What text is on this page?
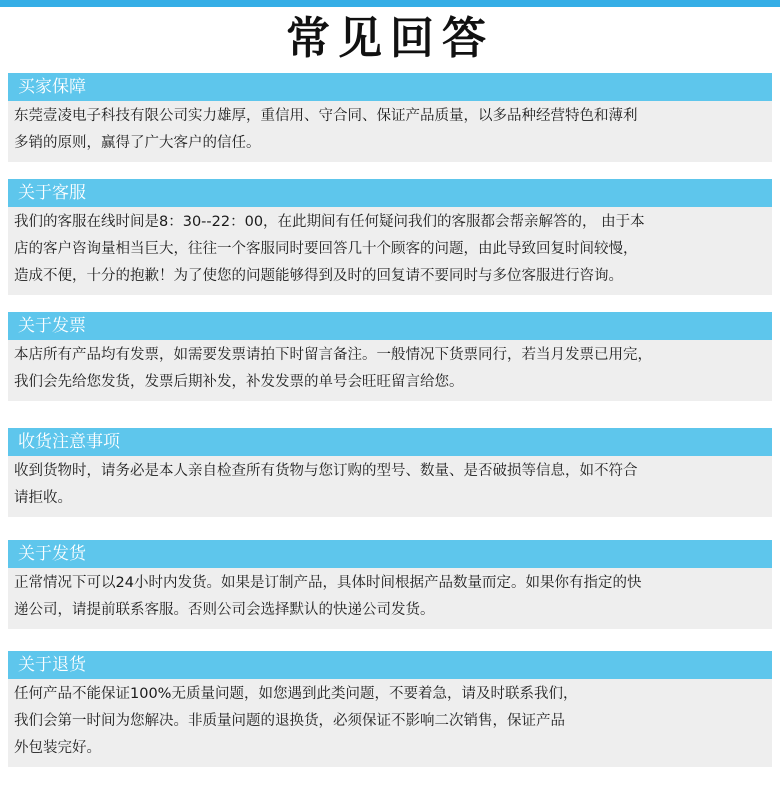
常见回答
买家保障

东莞壹凌电子科技有限公司实力雄厚，重信用、守合同、保证产品质量，以多品种经营特色和薄利

多销的原则，赢得了广大客户的信任。

关于客服

我们的客服在线时间是8：30--22：00，在此期间有任何疑问我们的客服都会帮亲解答的， 由于本

店的客户咨询量相当巨大，往往一个客服同时要回答几十个顾客的问题，由此导致回复时间较慢，

造成不便，十分的抱歉！为了使您的问题能够得到及时的回复请不要同时与多位客服进行咨询。

关于发票

本店所有产品均有发票，如需要发票请拍下时留言备注。一般情况下货票同行，若当月发票已用完，

我们会先给您发货，发票后期补发，补发发票的单号会旺旺留言给您。

收货注意事项

收到货物时，请务必是本人亲自检查所有货物与您订购的型号、数量、是否破损等信息，如不符合

请拒收。

关于发货

正常情况下可以24小时内发货。如果是订制产品，具体时间根据产品数量而定。如果你有指定的快

递公司，请提前联系客服。否则公司会选择默认的快递公司发货。

关于退货

任何产品不能保证100%无质量问题，如您遇到此类问题，不要着急，请及时联系我们，

我们会第一时间为您解决。非质量问题的退换货，必须保证不影响二次销售，保证产品

外包装完好。
